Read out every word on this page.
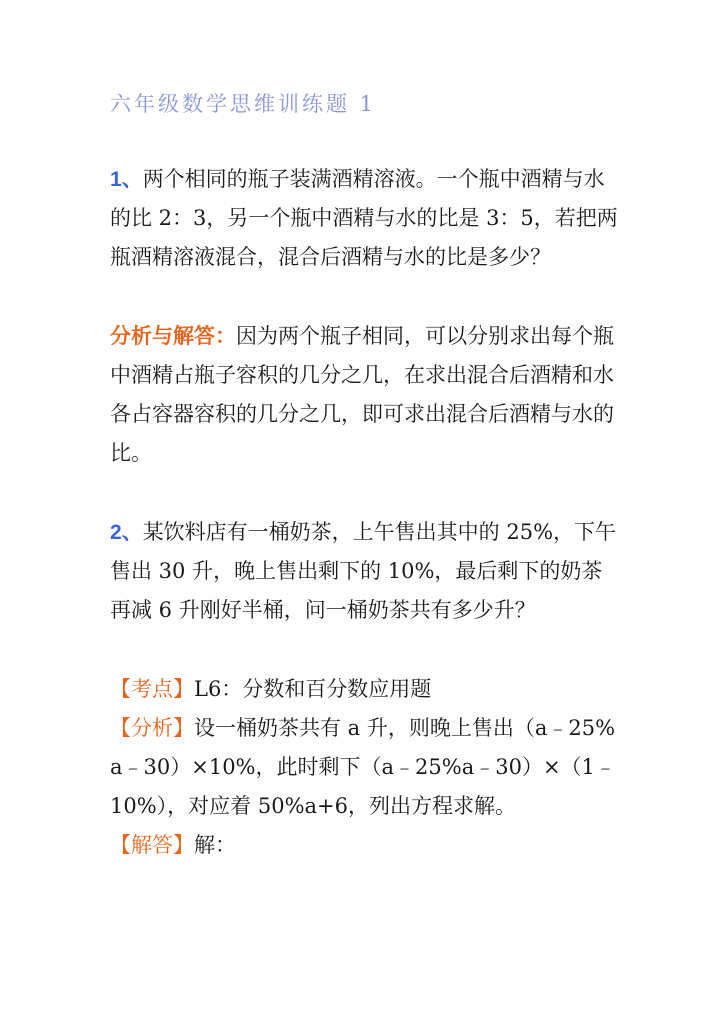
六年级数学思维训练题 1

1、两个相同的瓶子装满酒精溶液。一个瓶中酒精与水的比 2：3，另一个瓶中酒精与水的比是 3：5，若把两瓶酒精溶液混合，混合后酒精与水的比是多少？

分析与解答：因为两个瓶子相同，可以分别求出每个瓶中酒精占瓶子容积的几分之几，在求出混合后酒精和水各占容器容积的几分之几，即可求出混合后酒精与水的比。

2、某饮料店有一桶奶茶，上午售出其中的 25%，下午售出 30 升，晚上售出剩下的 10%，最后剩下的奶茶再减 6 升刚好半桶，问一桶奶茶共有多少升？

【考点】L6：分数和百分数应用题

【分析】设一桶奶茶共有 a 升，则晚上售出（a﹣25%a﹣30）×10%，此时剩下（a﹣25%a﹣30）×（1﹣10%），对应着 50%a+6，列出方程求解。

【解答】解：
